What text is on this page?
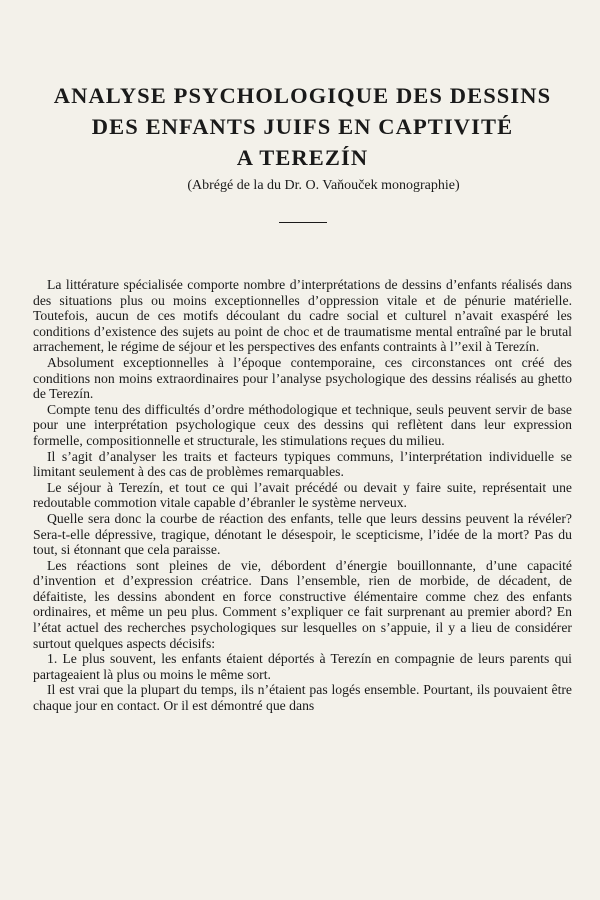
ANALYSE PSYCHOLOGIQUE DES DESSINS
DES ENFANTS JUIFS EN CAPTIVITÉ
A TEREZÍN
(Abrégé de la du Dr. O. Vaňouček monographie)

La littérature spécialisée comporte nombre d’interprétations de dessins d’enfants réalisés dans des situations plus ou moins exceptionnelles d’oppression vitale et de pénurie matérielle. Toutefois, aucun de ces motifs découlant du cadre social et culturel n’avait exaspéré les conditions d’existence des sujets au point de choc et de traumatisme mental entraîné par le brutal arrachement, le régime de séjour et les perspectives des enfants contraints à l’’exil à Terezín.

Absolument exceptionnelles à l’époque contemporaine, ces circonstances ont créé des conditions non moins extraordinaires pour l’analyse psychologique des dessins réalisés au ghetto de Terezín.

Compte tenu des difficultés d’ordre méthodologique et technique, seuls peuvent servir de base pour une interprétation psychologique ceux des dessins qui reflètent dans leur expression formelle, compositionnelle et structurale, les stimulations reçues du milieu.

Il s’agit d’analyser les traits et facteurs typiques communs, l’interprétation individuelle se limitant seulement à des cas de problèmes remarquables.

Le séjour à Terezín, et tout ce qui l’avait précédé ou devait y faire suite, représentait une redoutable commotion vitale capable d’ébranler le système nerveux.

Quelle sera donc la courbe de réaction des enfants, telle que leurs dessins peuvent la révéler? Sera-t-elle dépressive, tragique, dénotant le désespoir, le scepticisme, l’idée de la mort? Pas du tout, si étonnant que cela paraisse.

Les réactions sont pleines de vie, débordent d’énergie bouillonnante, d’une capacité d’invention et d’expression créatrice. Dans l’ensemble, rien de morbide, de décadent, de défaitiste, les dessins abondent en force constructive élémentaire comme chez des enfants ordinaires, et même un peu plus. Comment s’expliquer ce fait surprenant au premier abord? En l’état actuel des recherches psychologiques sur lesquelles on s’appuie, il y a lieu de considérer surtout quelques aspects décisifs:

1. Le plus souvent, les enfants étaient déportés à Terezín en compagnie de leurs parents qui partageaient là plus ou moins le même sort.

Il est vrai que la plupart du temps, ils n’étaient pas logés ensemble. Pourtant, ils pouvaient être chaque jour en contact. Or il est démontré que dans
